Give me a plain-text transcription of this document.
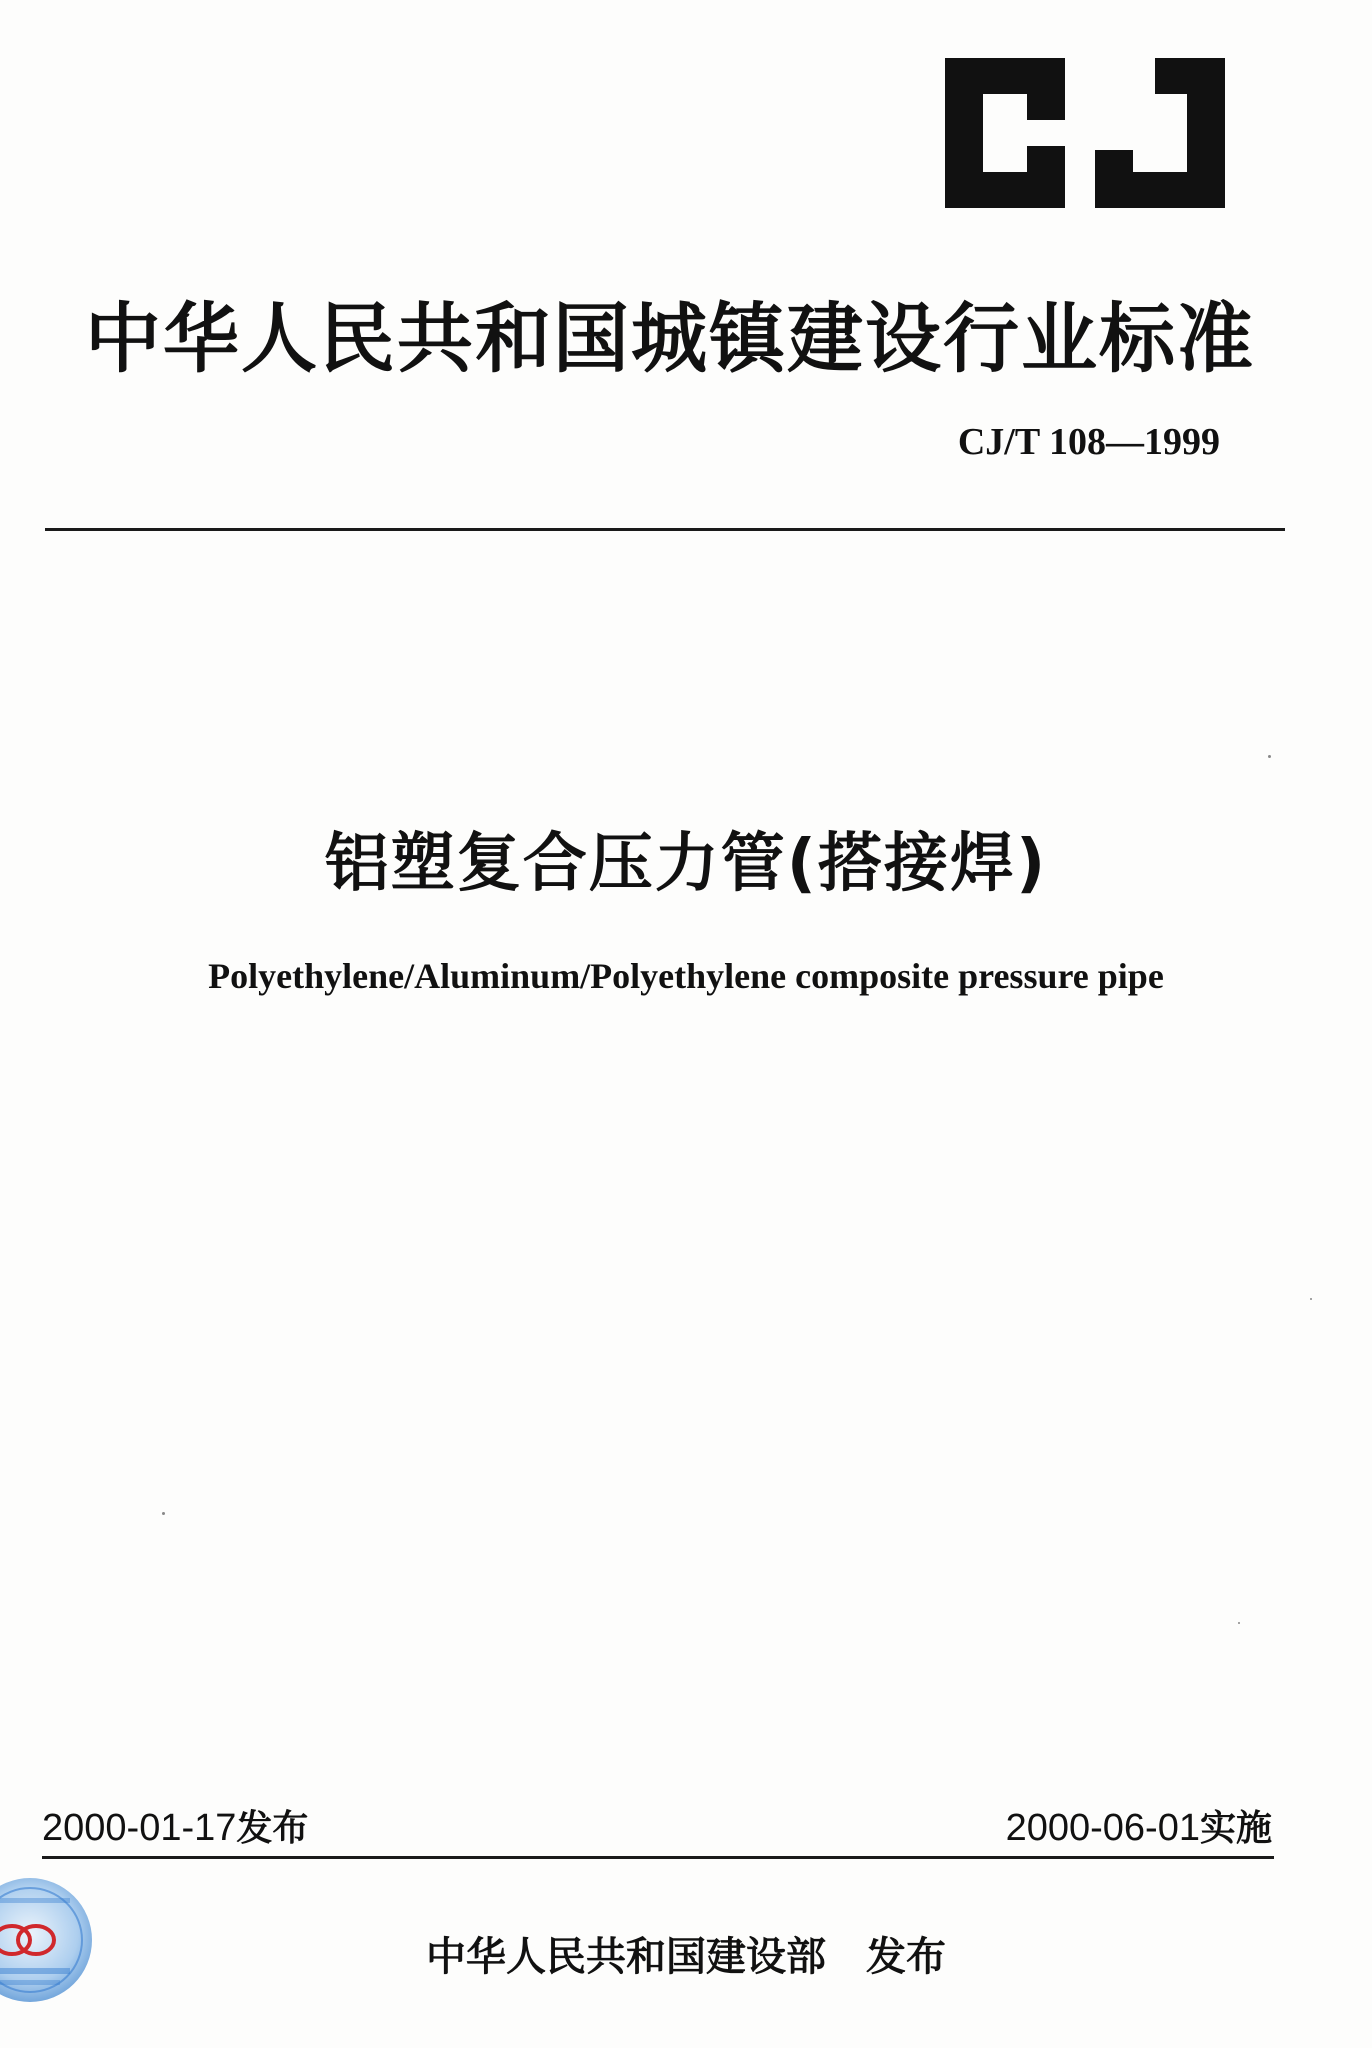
中华人民共和国城镇建设行业标准
CJ/T 108—1999
铝塑复合压力管(搭接焊)
Polyethylene/Aluminum/Polyethylene composite pressure pipe
2000-01-17发布	2000-06-01实施
中华人民共和国建设部 发布
